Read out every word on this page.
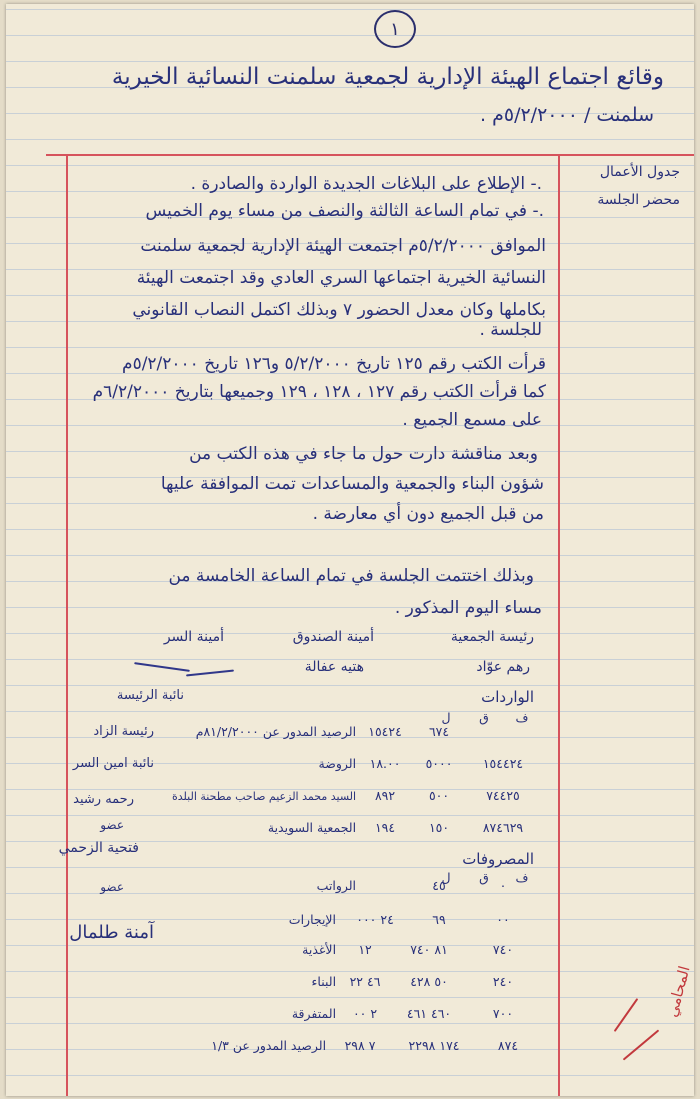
١
وقائع اجتماع الهيئة الإدارية لجمعية سلمنت النسائية الخيرية
سلمنت / ٥/٢/٢٠٠٠م .
جدول الأعمال
محضر الجلسة
.- الإطلاع على البلاغات الجديدة الواردة والصادرة .
.- في تمام الساعة الثالثة والنصف من مساء يوم الخميس
الموافق ٥/٢/٢٠٠٠م اجتمعت الهيئة الإدارية لجمعية سلمنت
النسائية الخيرية اجتماعها السري العادي وقد اجتمعت الهيئة
بكاملها وكان معدل الحضور ٧ وبذلك اكتمل النصاب القانوني
للجلسة .
قرأت الكتب رقم ١٢٥ تاريخ ٥/٢/٢٠٠٠ و١٢٦ تاريخ ٥/٢/٢٠٠٠م
كما قرأت الكتب رقم ١٢٧ ، ١٢٨ ، ١٢٩ وجميعها بتاريخ ٦/٢/٢٠٠٠م
على مسمع الجميع .
وبعد مناقشة دارت حول ما جاء في هذه الكتب من
شؤون البناء والجمعية والمساعدات تمت الموافقة عليها
من قبل الجميع دون أي معارضة .
وبذلك اختتمت الجلسة في تمام الساعة الخامسة من
مساء اليوم المذكور .
رئيسة الجمعية
أمينة الصندوق
أمينة السر
رهم عوّاد
هتيه عفالة
الواردات
نائبة الرئيسة
ف ق ل
٦٧٤ ١٥٤٢٤ الرصيد المدور عن ٨١/٢/٢٠٠٠م
رئيسة الزاد
١٥٤٤٢٤ ٥٠٠٠ ١٨.٠٠ الروضة
نائبة امين السر
٧٤٤٢٥ ٥٠٠ ٨٩٢ السيد محمد الزعيم صاحب مطحنة البلدة
رحمه رشيد
٨٧٤٦٢٩ ١٥٠ ١٩٤ الجمعية السويدية
عضو
فتحية الزحمي
المصروفات
ف ق ل
٠ ٤٥  الرواتب
عضو
٠٠ ٦٩ ٢٤ ٠٠٠ الإيجارات
آمنة طلمال
٧٤٠ ٨١ ٧٤٠ ١٢ الأغذية
٢٤٠ ٥٠ ٤٢٨ ٤٦ ٢٢ البناء
٧٠٠ ٤٦٠ ٤٦١ ٢ ٠٠ المتفرقة
٨٧٤ ١٧٤ ٢٢٩٨ ٧ ٢٩٨ الرصيد المدور عن ١/٣
المحامي
